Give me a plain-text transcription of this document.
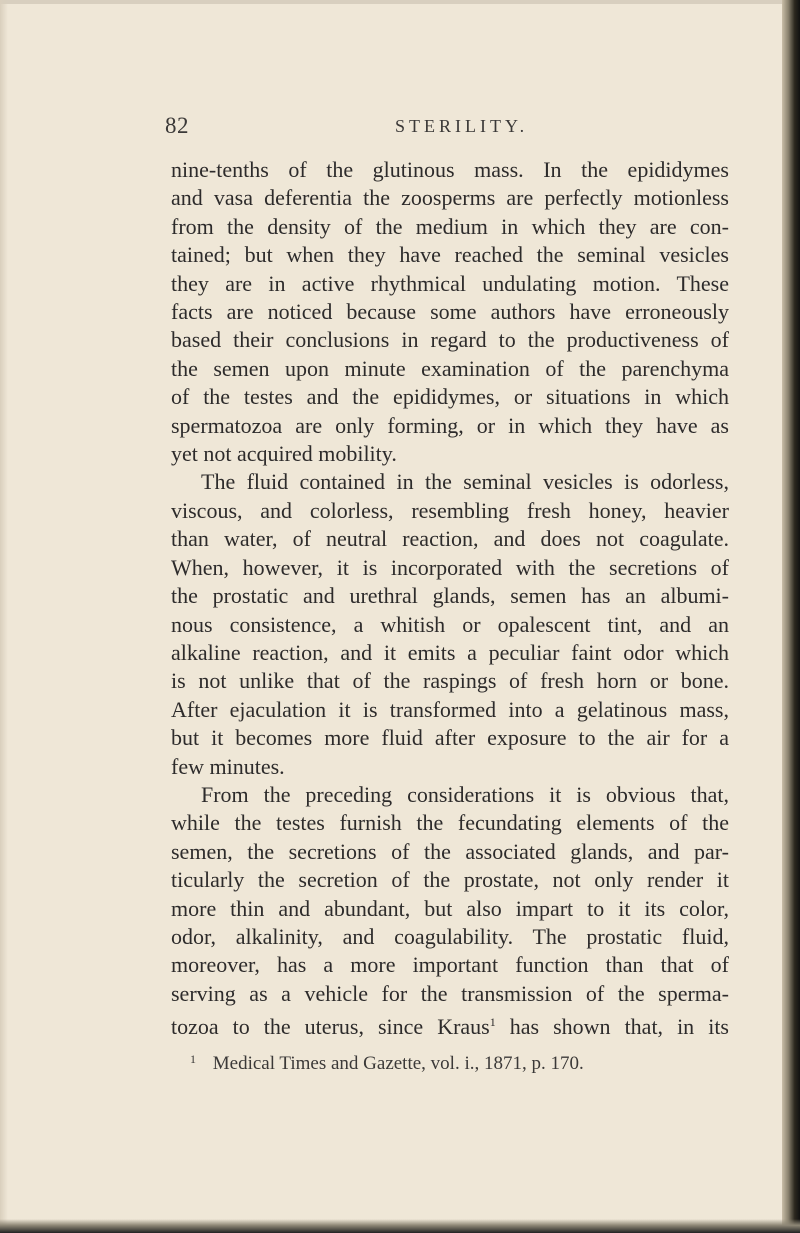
82	STERILITY.
nine-tenths of the glutinous mass. In the epididymes
and vasa deferentia the zoosperms are perfectly motionless
from the density of the medium in which they are con-
tained; but when they have reached the seminal vesicles
they are in active rhythmical undulating motion. These
facts are noticed because some authors have erroneously
based their conclusions in regard to the productiveness of
the semen upon minute examination of the parenchyma
of the testes and the epididymes, or situations in which
spermatozoa are only forming, or in which they have as
yet not acquired mobility.
The fluid contained in the seminal vesicles is odorless,
viscous, and colorless, resembling fresh honey, heavier
than water, of neutral reaction, and does not coagulate.
When, however, it is incorporated with the secretions of
the prostatic and urethral glands, semen has an albumi-
nous consistence, a whitish or opalescent tint, and an
alkaline reaction, and it emits a peculiar faint odor which
is not unlike that of the raspings of fresh horn or bone.
After ejaculation it is transformed into a gelatinous mass,
but it becomes more fluid after exposure to the air for a
few minutes.
From the preceding considerations it is obvious that,
while the testes furnish the fecundating elements of the
semen, the secretions of the associated glands, and par-
ticularly the secretion of the prostate, not only render it
more thin and abundant, but also impart to it its color,
odor, alkalinity, and coagulability. The prostatic fluid,
moreover, has a more important function than that of
serving as a vehicle for the transmission of the sperma-
tozoa to the uterus, since Kraus$^1$ has shown that, in its
$^1$ Medical Times and Gazette, vol. i., 1871, p. 170.
